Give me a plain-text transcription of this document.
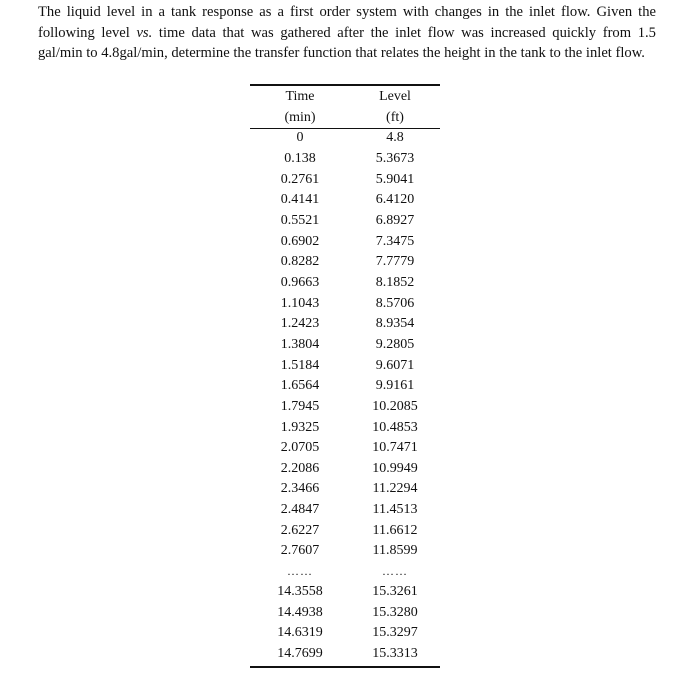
The liquid level in a tank response as a first order system with changes in the inlet flow. Given the following level vs. time data that was gathered after the inlet flow was increased quickly from 1.5 gal/min to 4.8gal/min, determine the transfer function that relates the height in the tank to the inlet flow.
Time	Level
(min)	(ft)
0	4.8
0.138	5.3673
0.2761	5.9041
0.4141	6.4120
0.5521	6.8927
0.6902	7.3475
0.8282	7.7779
0.9663	8.1852
1.1043	8.5706
1.2423	8.9354
1.3804	9.2805
1.5184	9.6071
1.6564	9.9161
1.7945	10.2085
1.9325	10.4853
2.0705	10.7471
2.2086	10.9949
2.3466	11.2294
2.4847	11.4513
2.6227	11.6612
2.7607	11.8599
……	……
14.3558	15.3261
14.4938	15.3280
14.6319	15.3297
14.7699	15.3313
